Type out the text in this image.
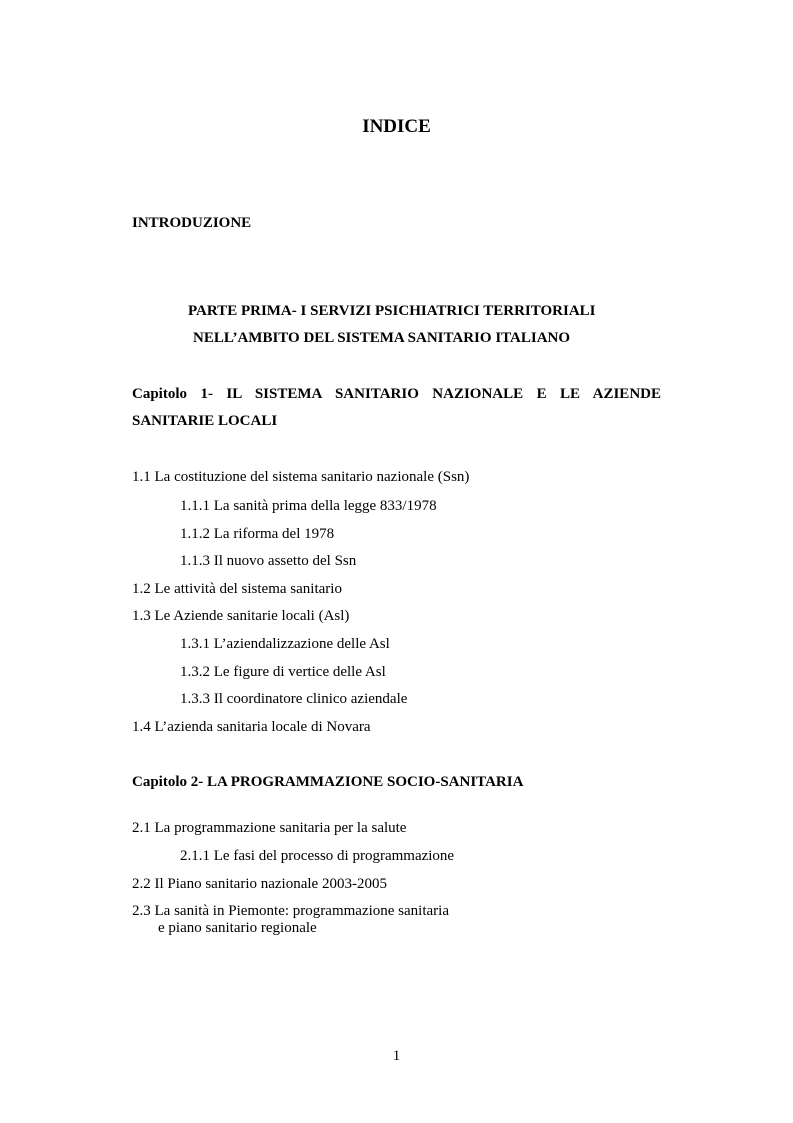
INDICE
INTRODUZIONE
PARTE PRIMA- I SERVIZI PSICHIATRICI TERRITORIALI
NELL’AMBITO DEL SISTEMA SANITARIO ITALIANO
Capitolo 1- IL SISTEMA SANITARIO NAZIONALE E LE AZIENDE
SANITARIE LOCALI
1.1 La costituzione del sistema sanitario nazionale (Ssn)
1.1.1 La sanità prima della legge 833/1978
1.1.2 La riforma del 1978
1.1.3 Il nuovo assetto del Ssn
1.2 Le attività del sistema sanitario
1.3 Le Aziende sanitarie locali (Asl)
1.3.1 L’aziendalizzazione delle Asl
1.3.2 Le figure di vertice delle Asl
1.3.3 Il coordinatore clinico aziendale
1.4 L’azienda sanitaria locale di Novara
Capitolo 2- LA PROGRAMMAZIONE SOCIO-SANITARIA
2.1 La programmazione sanitaria per la salute
2.1.1 Le fasi del processo di programmazione
2.2 Il Piano sanitario nazionale 2003-2005
2.3 La sanità in Piemonte: programmazione sanitaria
e piano sanitario regionale
1
